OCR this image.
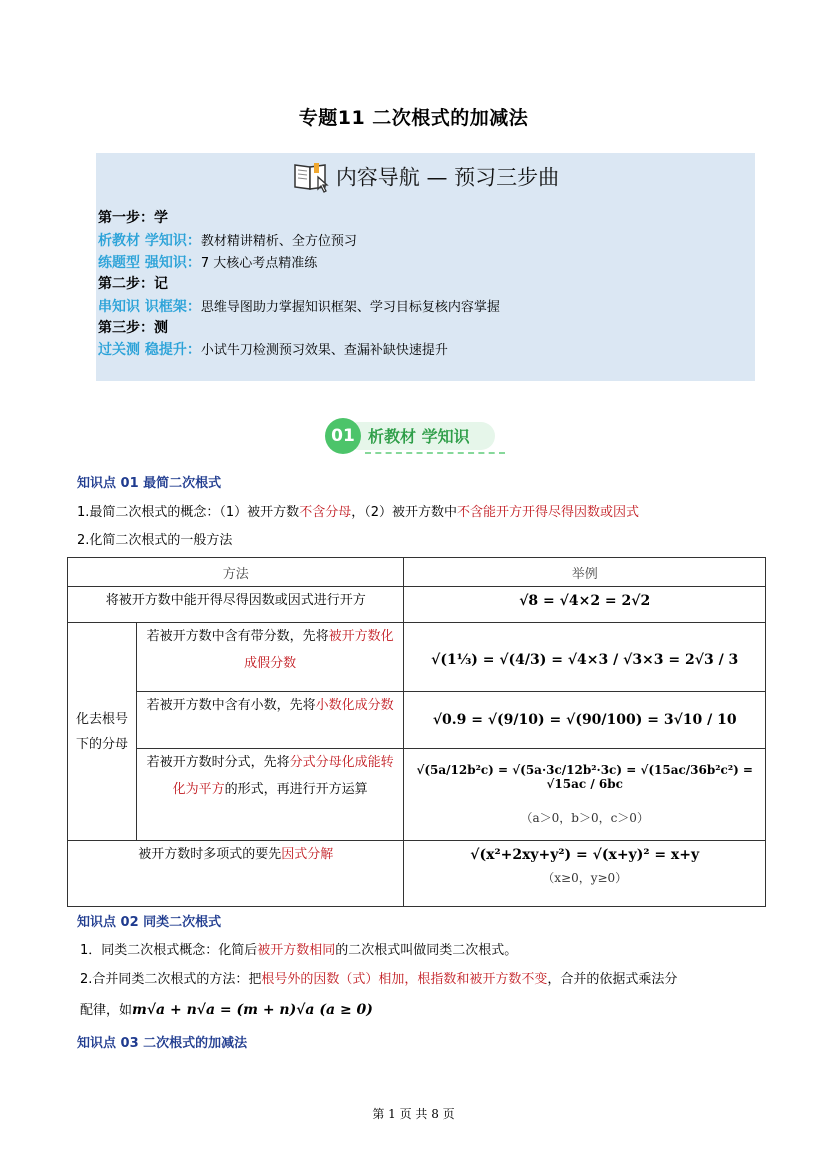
专题11 二次根式的加减法
内容导航 — 预习三步曲
第一步：学
析教材 学知识：教材精讲精析、全方位预习
练题型 强知识：7 大核心考点精准练
第二步：记
串知识 识框架：思维导图助力掌握知识框架、学习目标复核内容掌握
第三步：测
过关测 稳提升：小试牛刀检测预习效果、查漏补缺快速提升
01 析教材 学知识
知识点 01 最简二次根式
1.最简二次根式的概念：（1）被开方数不含分母，（2）被开方数中不含能开方开得尽得因数或因式
2.化简二次根式的一般方法
方法		举例
将被开方数中能开得尽得因数或因式进行开方		√8 = √4×2 = 2√2

化去根号下的分母	若被开方数中含有带分数，先将被开方数化成假分数	√(1⅓) = √(4/3) = √4×3 / √3×3 = 2√3 / 3

	若被开方数中含有小数，先将小数化成分数	√0.9 = √(9/10) = √(90/100) = 3√10 / 10

	若被开方数时分式，先将分式分母化成能转化为平方的形式，再进行开方运算	√(5a/12b²c) = √(5a·3c/12b²·3c) = √(15ac/36b²c²) = √15ac / 6bc
（a＞0，b＞0，c＞0）

被开方数时多项式的要先因式分解		√(x²+2xy+y²) = √(x+y)² = x+y
（x≥0，y≥0）
知识点 02 同类二次根式
1．同类二次根式概念：化简后被开方数相同的二次根式叫做同类二次根式。
2.合并同类二次根式的方法：把根号外的因数（式）相加，根指数和被开方数不变，合并的依据式乘法分
配律，如m√a + n√a = (m + n)√a (a ≥ 0)
知识点 03 二次根式的加减法
第 1 页 共 8 页
